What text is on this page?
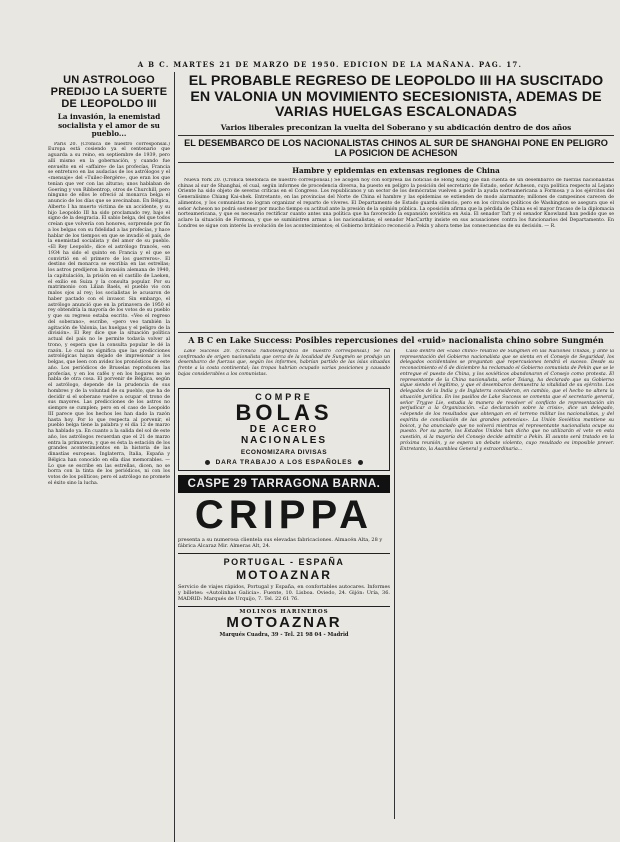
A B C. MARTES 21 DE MARZO DE 1950. EDICION DE LA MAÑANA. PAG. 17.
UN ASTROLOGO PREDIJO LA SUERTE DE LEOPOLDO III
La invasión, la enemistad socialista y el amor de su pueblo...

París 20. (Crónica de nuestro corresponsal.) Europa está cosiendo ya el centenario que aguarda a su reino, en septiembre de 1939, pero allí mismo en la gobernación, y cuando fue envuelto en el «affaire» de las profecías, Francia se entretuvo en las audacias de los astrólogos y el «mensaje» del «Tuilec-Bergère», que eran los que tenían que ver con las alturas; unos hablaban de Goering y von Ribbentrop, otros de Churchill, pero ninguno de ellos le ofreció al monarca belga el anuncio de los días que se avecinaban. En Bélgica, Alberto I ha muerto víctima de un accidente, y su hijo Leopoldo III ha sido proclamado rey, bajo el signo de la desgracia. El sabio belga, del que todos creían que volvería con honores, sorprende por fin a los belgas con su fidelidad a las profecías, y hace hablar de los tiempos en que se invadió el país, de la enemistad socialista y del amor de su pueblo. «El Rey Leopold», dice el astrólogo francés, «en 1934 ha sido el quinto en Francia y el que se convirtió en el primero de los guerreros». El destino del monarca se escribía en las estrellas; los astros predijeron la invasión alemana de 1940, la capitulación, la prisión en el castillo de Laeken, el exilio en Suiza y la consulta popular. Por su matrimonio con Lilian Baels, el pueblo vio con malos ojos al rey; los socialistas le acusaron de haber pactado con el invasor. Sin embargo, el astrólogo anunció que en la primavera de 1950 el rey obtendría la mayoría de los votos de su pueblo y que su regreso estaba escrito. «Veo el regreso del soberano», escribe, «pero veo también la agitación de Valonia, las huelgas y el peligro de la división». El Rey dice que la situación política actual del país no le permite todavía volver al trono, y espera que la consulta popular le dé la razón. Lo cual no significa que las predicciones astrológicas hayan dejado de impresionar a los belgas, que leen con avidez los pronósticos de este año. Los periódicos de Bruselas reproducen las profecías, y en los cafés y en los hogares no se habla de otra cosa. El porvenir de Bélgica, según el astrólogo, depende de la prudencia de sus hombres y de la voluntad de su pueblo, que ha de decidir si el soberano vuelve a ocupar el trono de sus mayores. Las predicciones de los astros no siempre se cumplen; pero en el caso de Leopoldo III parece que los hechos les han dado la razón hasta hoy. Por lo que respecta al porvenir, el pueblo belga tiene la palabra y el día 12 de marzo ha hablado ya. En cuanto a la salida del sol de este año, los astrólogos recuerdan que el 21 de marzo entra la primavera, y que es ésta la estación de los grandes acontecimientos en la historia de las dinastías europeas. Inglaterra, Italia, España y Bélgica han conocido en ella días memorables. — Lo que se escribe en las estrellas, dicen, no se borra con la tinta de los periódicos, ni con los votos de los políticos; pero el astrólogo no promete el éxito sino la lucha.

EL PROBABLE REGRESO DE LEOPOLDO III HA SUSCITADO EN VALONIA UN MOVIMIENTO SECESIONISTA, ADEMAS DE VARIAS HUELGAS ESCALONADAS
Varios liberales preconizan la vuelta del Soberano y su abdicación dentro de dos años
EL DESEMBARCO DE LOS NACIONALISTAS CHINOS AL SUR DE SHANGHAI PONE EN PELIGRO LA POSICION DE ACHESON
Hambre y epidemias en extensas regiones de China

Nueva York 20. (Crónica telefónica de nuestro corresponsal.) Se acogen hoy con sorpresa las noticias de Hong Kong que dan cuenta de un desembarco de fuerzas nacionalistas chinas al sur de Shanghai, el cual, según informes de procedencia diversa, ha puesto en peligro la posición del secretario de Estado, señor Acheson, cuya política respecto al Lejano Oriente ha sido objeto de severas críticas en el Congreso. Los republicanos y un sector de los demócratas vuelven a pedir la ayuda norteamericana a Formosa y a los ejércitos del Generalísimo Chiang Kai-shek. Entretanto, en las provincias del Norte de China el hambre y las epidemias se extienden de modo alarmante; millones de campesinos carecen de alimentos, y los comunistas no logran organizar el reparto de víveres. El Departamento de Estado guarda silencio, pero en los círculos políticos de Washington se asegura que el señor Acheson no podrá sostener por mucho tiempo su actitud ante la presión de la opinión pública. La oposición afirma que la pérdida de China es el mayor fracaso de la diplomacia norteamericana, y que es necesario rectificar cuanto antes una política que ha favorecido la expansión soviética en Asia. El senador Taft y el senador Knowland han pedido que se aclare la situación de Formosa, y que se suministren armas a los nacionalistas; el senador MacCarthy insiste en sus acusaciones contra los funcionarios del Departamento. En Londres se sigue con interés la evolución de los acontecimientos; el Gobierno británico reconoció a Pekín y ahora teme las consecuencias de su decisión. — R.

A B C en Lake Success: Posibles repercusiones del «ruid» nacionalista chino sobre Sungmén

Lake Success 20. (Crónica radiotelegráfica de nuestro corresponsal.) Se ha confirmado de origen nacionalista que cerca de la localidad de Sungmén se produjo un desembarco de fuerzas que, según los informes, habrían partido de las islas situadas frente a la costa continental; las tropas habrían ocupado varias posiciones y causado bajas considerables a los comunistas.

COMPRE
BOLAS
DE ACERO
NACIONALES
ECONOMIZARA DIVISAS
DARA TRABAJO A LOS ESPAÑOLES
CASPE 29 TARRAGONA BARNA.
CRIPPA
presenta a su numerosa clientela sus elevadas fabricaciones. Almacén Alta, 28 y fábrica Alcaraz Mir. Almeras Alt, 24.
PORTUGAL - ESPAÑA
MOTOAZNAR
Servicio de viajes rápidos, Portugal y España, en confortables autocares. Informes y billetes: «Autolinhas Galicia». Fuente, 10. Lisboa. Oviedo, 24. Gijón: Uría, 36. MADRID: Marqués de Urquijo, 7. Tel. 22 61 76.
MOLINOS HARINEROS
MOTOAZNAR
Marqués Cuadra, 39 - Tel. 21 98 04 - Madrid

Caso dentro del «caso chino» relativo de Sungmén en las Naciones Unidas, y ante la representación del Gobierno nacionalista que se sienta en el Consejo de Seguridad, los delegados occidentales se preguntan qué repercusiones tendrá el suceso. Desde su reconocimiento el 6 de diciembre ha reclamado el Gobierno comunista de Pekín que se le entregue el puesto de China, y los soviéticos abandonaron el Consejo como protesta. El representante de la China nacionalista, señor Tsiang, ha declarado que su Gobierno sigue siendo el legítimo, y que el desembarco demuestra la vitalidad de su ejército. Los delegados de la India y de Inglaterra consideran, en cambio, que el hecho no altera la situación jurídica. En los pasillos de Lake Success se comenta que el secretario general, señor Trygve Lie, estudia la manera de resolver el conflicto de representación sin perjudicar a la Organización. «La declaración sobre la crisis», dice un delegado, «depende de los resultados que obtengan en el terreno militar los nacionalistas, y del espíritu de conciliación de las grandes potencias». La Unión Soviética mantiene su boicot, y ha anunciado que no volverá mientras el representante nacionalista ocupe su puesto. Por su parte, los Estados Unidos han dicho que no utilizarán el veto en esta cuestión, si la mayoría del Consejo decide admitir a Pekín. El asunto será tratado en la próxima reunión, y se espera un debate violento, cuyo resultado es imposible prever. Entretanto, la Asamblea General y extraordinaria...
